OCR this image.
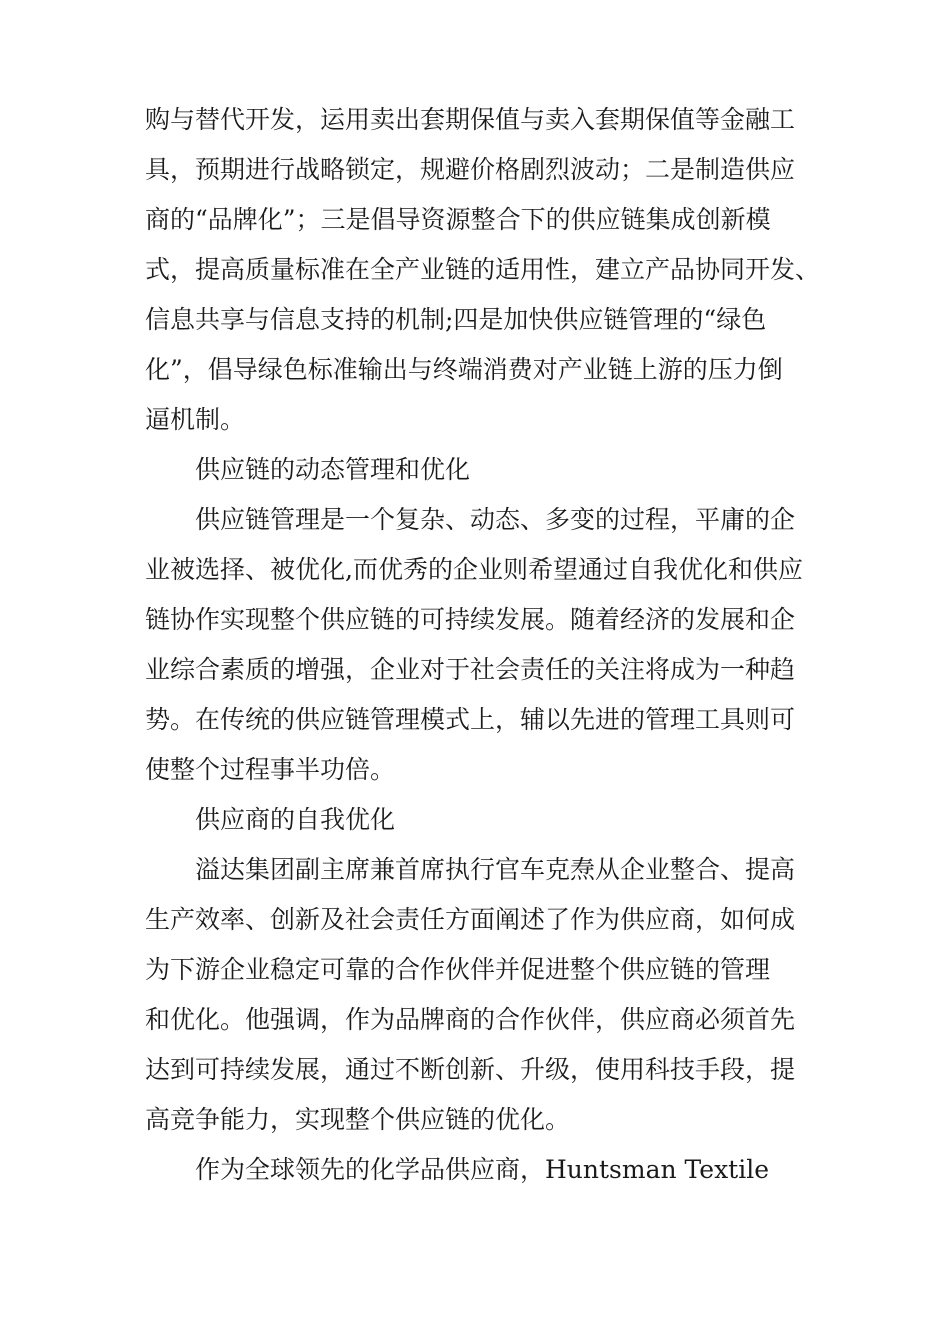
购与替代开发，运用卖出套期保值与卖入套期保值等金融工
具，预期进行战略锁定，规避价格剧烈波动；二是制造供应
商的“品牌化”；三是倡导资源整合下的供应链集成创新模
式，提高质量标准在全产业链的适用性，建立产品协同开发、
信息共享与信息支持的机制;四是加快供应链管理的“绿色
化”，倡导绿色标准输出与终端消费对产业链上游的压力倒
逼机制。
供应链的动态管理和优化
供应链管理是一个复杂、动态、多变的过程，平庸的企
业被选择、被优化,而优秀的企业则希望通过自我优化和供应
链协作实现整个供应链的可持续发展。随着经济的发展和企
业综合素质的增强，企业对于社会责任的关注将成为一种趋
势。在传统的供应链管理模式上，辅以先进的管理工具则可
使整个过程事半功倍。
供应商的自我优化
溢达集团副主席兼首席执行官车克焘从企业整合、提高
生产效率、创新及社会责任方面阐述了作为供应商，如何成
为下游企业稳定可靠的合作伙伴并促进整个供应链的管理
和优化。他强调，作为品牌商的合作伙伴，供应商必须首先
达到可持续发展，通过不断创新、升级，使用科技手段，提
高竞争能力，实现整个供应链的优化。
作为全球领先的化学品供应商，Huntsman Textile
